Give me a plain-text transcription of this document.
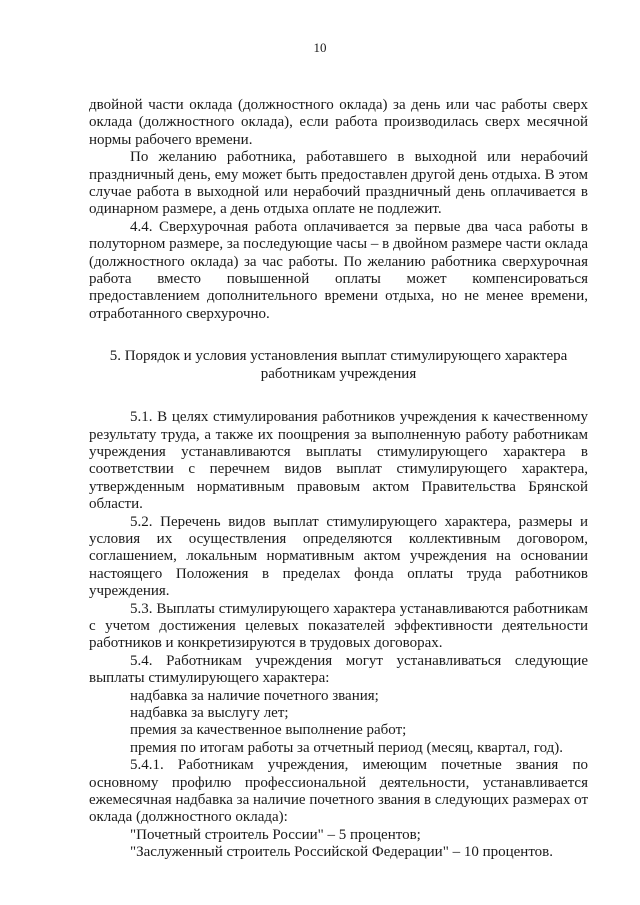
10

двойной части оклада (должностного оклада) за день или час работы сверх оклада (должностного оклада), если работа производилась сверх месячной нормы рабочего времени.

По желанию работника, работавшего в выходной или нерабочий праздничный день, ему может быть предоставлен другой день отдыха. В этом случае работа в выходной или нерабочий праздничный день оплачивается в одинарном размере, а день отдыха оплате не подлежит.

4.4. Сверхурочная работа оплачивается за первые два часа работы в полуторном размере, за последующие часы – в двойном размере части оклада (должностного оклада) за час работы. По желанию работника сверхурочная работа вместо повышенной оплаты может компенсироваться предоставлением дополнительного времени отдыха, но не менее времени, отработанного сверхурочно.

5. Порядок и условия установления выплат стимулирующего характера
работникам учреждения

5.1. В целях стимулирования работников учреждения к качественному результату труда, а также их поощрения за выполненную работу работникам учреждения устанавливаются выплаты стимулирующего характера в соответствии с перечнем видов выплат стимулирующего характера, утвержденным нормативным правовым актом Правительства Брянской области.

5.2. Перечень видов выплат стимулирующего характера, размеры и условия их осуществления определяются коллективным договором, соглашением, локальным нормативным актом учреждения на основании настоящего Положения в пределах фонда оплаты труда работников учреждения.

5.3. Выплаты стимулирующего характера устанавливаются работникам с учетом достижения целевых показателей эффективности деятельности работников и конкретизируются в трудовых договорах.

5.4. Работникам учреждения могут устанавливаться следующие выплаты стимулирующего характера:

надбавка за наличие почетного звания;

надбавка за выслугу лет;

премия за качественное выполнение работ;

премия по итогам работы за отчетный период (месяц, квартал, год).

5.4.1. Работникам учреждения, имеющим почетные звания по основному профилю профессиональной деятельности, устанавливается ежемесячная надбавка за наличие почетного звания в следующих размерах от оклада (должностного оклада):

"Почетный строитель России" – 5 процентов;

"Заслуженный строитель Российской Федерации" – 10 процентов.
